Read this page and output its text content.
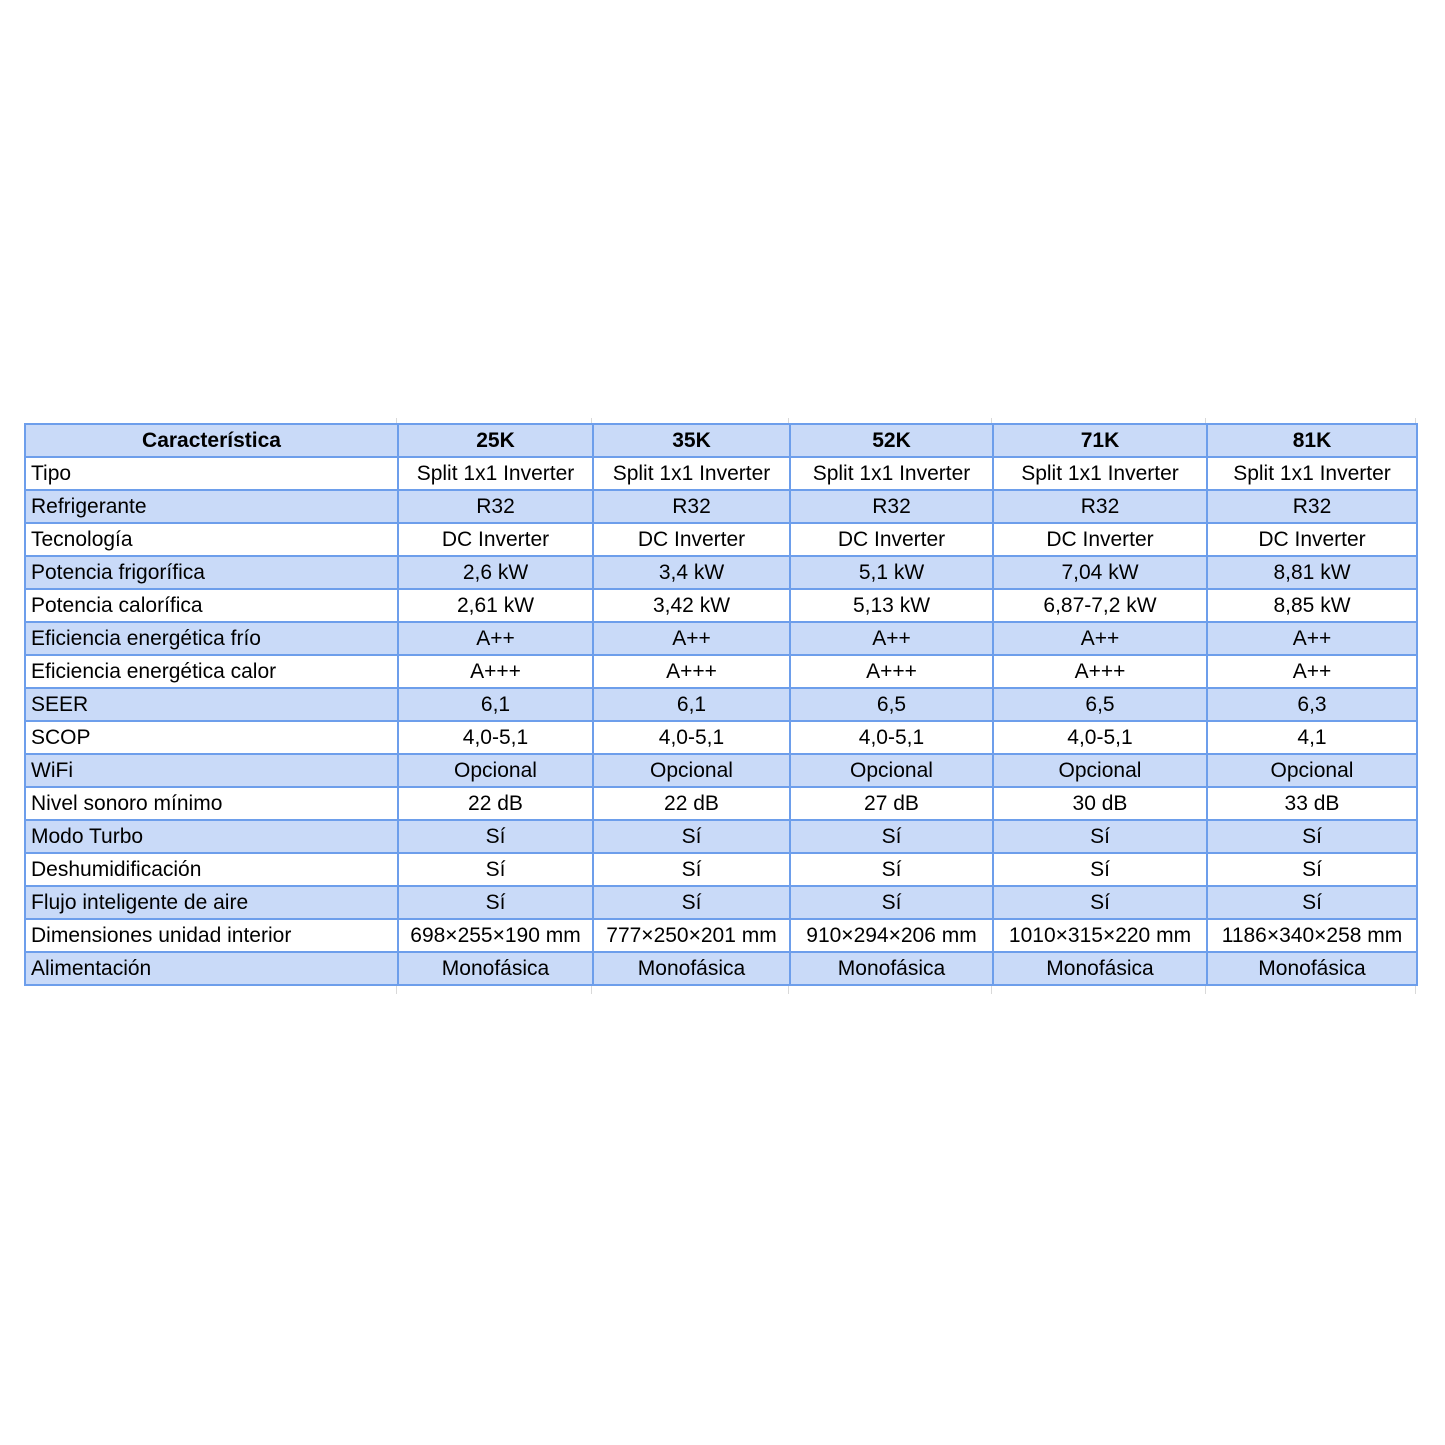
Característica	25K	35K	52K	71K	81K
Tipo	Split 1x1 Inverter	Split 1x1 Inverter	Split 1x1 Inverter	Split 1x1 Inverter	Split 1x1 Inverter
Refrigerante	R32	R32	R32	R32	R32
Tecnología	DC Inverter	DC Inverter	DC Inverter	DC Inverter	DC Inverter
Potencia frigorífica	2,6 kW	3,4 kW	5,1 kW	7,04 kW	8,81 kW
Potencia calorífica	2,61 kW	3,42 kW	5,13 kW	6,87-7,2 kW	8,85 kW
Eficiencia energética frío	A++	A++	A++	A++	A++
Eficiencia energética calor	A+++	A+++	A+++	A+++	A++
SEER	6,1	6,1	6,5	6,5	6,3
SCOP	4,0-5,1	4,0-5,1	4,0-5,1	4,0-5,1	4,1
WiFi	Opcional	Opcional	Opcional	Opcional	Opcional
Nivel sonoro mínimo	22 dB	22 dB	27 dB	30 dB	33 dB
Modo Turbo	Sí	Sí	Sí	Sí	Sí
Deshumidificación	Sí	Sí	Sí	Sí	Sí
Flujo inteligente de aire	Sí	Sí	Sí	Sí	Sí
Dimensiones unidad interior	698×255×190 mm	777×250×201 mm	910×294×206 mm	1010×315×220 mm	1186×340×258 mm
Alimentación	Monofásica	Monofásica	Monofásica	Monofásica	Monofásica
